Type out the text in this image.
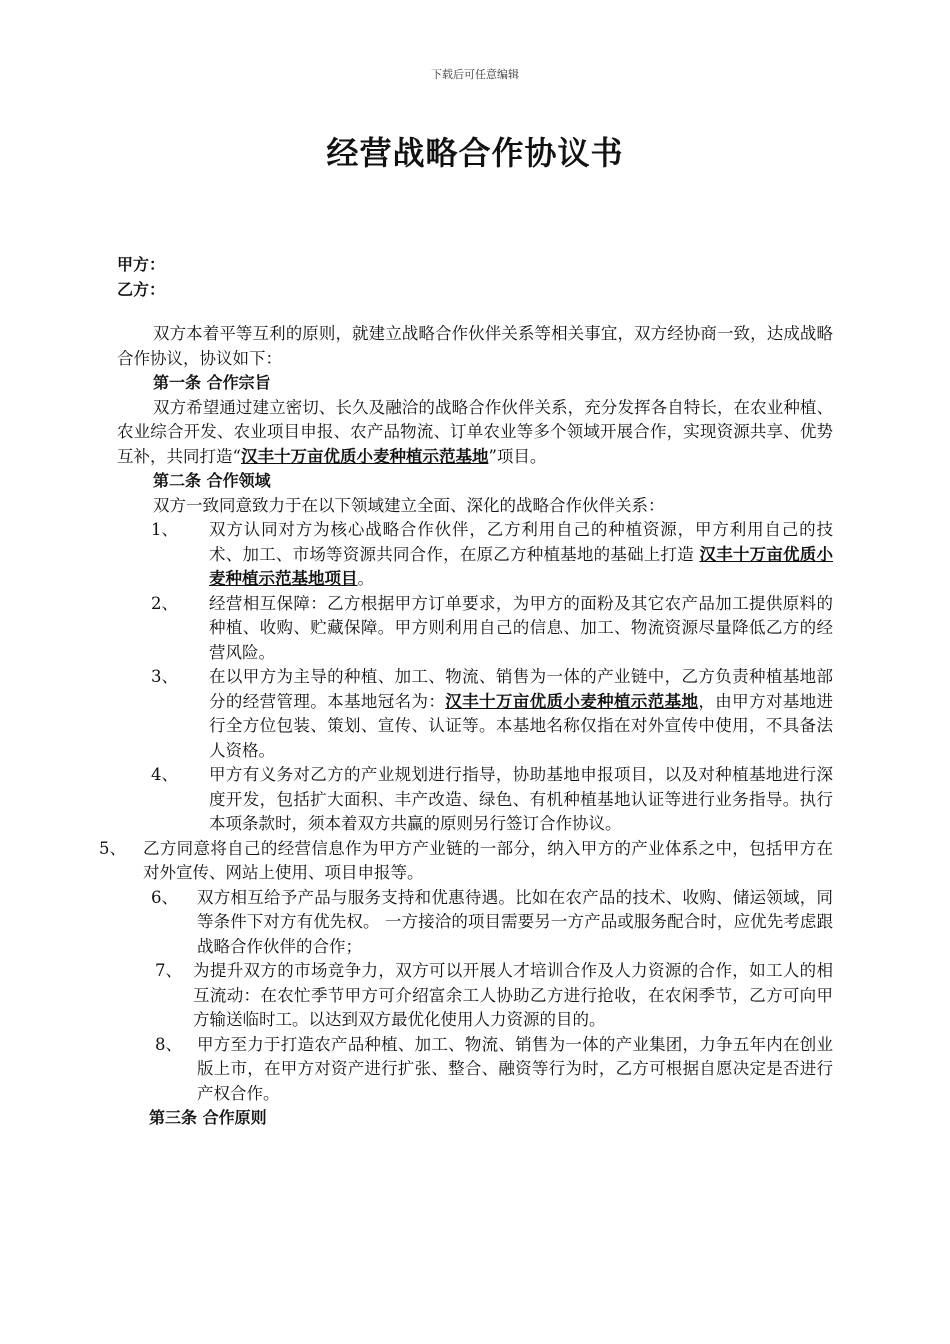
下载后可任意编辑
经营战略合作协议书
甲方：
乙方：

双方本着平等互利的原则，就建立战略合作伙伴关系等相关事宜，双方经协商一致，达成战略合作协议，协议如下：

第一条 合作宗旨

双方希望通过建立密切、长久及融洽的战略合作伙伴关系，充分发挥各自特长，在农业种植、农业综合开发、农业项目申报、农产品物流、订单农业等多个领域开展合作，实现资源共享、优势互补，共同打造“汉丰十万亩优质小麦种植示范基地”项目。

第二条 合作领域

双方一致同意致力于在以下领域建立全面、深化的战略合作伙伴关系：

1、 双方认同对方为核心战略合作伙伴，乙方利用自己的种植资源，甲方利用自己的技术、加工、市场等资源共同合作，在原乙方种植基地的基础上打造 汉丰十万亩优质小麦种植示范基地项目。

2、 经营相互保障：乙方根据甲方订单要求，为甲方的面粉及其它农产品加工提供原料的种植、收购、贮藏保障。甲方则利用自己的信息、加工、物流资源尽量降低乙方的经营风险。

3、 在以甲方为主导的种植、加工、物流、销售为一体的产业链中，乙方负责种植基地部分的经营管理。本基地冠名为：汉丰十万亩优质小麦种植示范基地，由甲方对基地进行全方位包装、策划、宣传、认证等。本基地名称仅指在对外宣传中使用，不具备法人资格。

4、 甲方有义务对乙方的产业规划进行指导，协助基地申报项目，以及对种植基地进行深度开发，包括扩大面积、丰产改造、绿色、有机种植基地认证等进行业务指导。执行本项条款时，须本着双方共赢的原则另行签订合作协议。

5、 乙方同意将自己的经营信息作为甲方产业链的一部分，纳入甲方的产业体系之中，包括甲方在对外宣传、网站上使用、项目申报等。

6、 双方相互给予产品与服务支持和优惠待遇。比如在农产品的技术、收购、储运领域，同等条件下对方有优先权。 一方接洽的项目需要另一方产品或服务配合时，应优先考虑跟战略合作伙伴的合作；

7、 为提升双方的市场竞争力，双方可以开展人才培训合作及人力资源的合作，如工人的相互流动：在农忙季节甲方可介绍富余工人协助乙方进行抢收，在农闲季节，乙方可向甲方输送临时工。以达到双方最优化使用人力资源的目的。

8、 甲方至力于打造农产品种植、加工、物流、销售为一体的产业集团，力争五年内在创业版上市，在甲方对资产进行扩张、整合、融资等行为时，乙方可根据自愿决定是否进行产权合作。

第三条 合作原则
